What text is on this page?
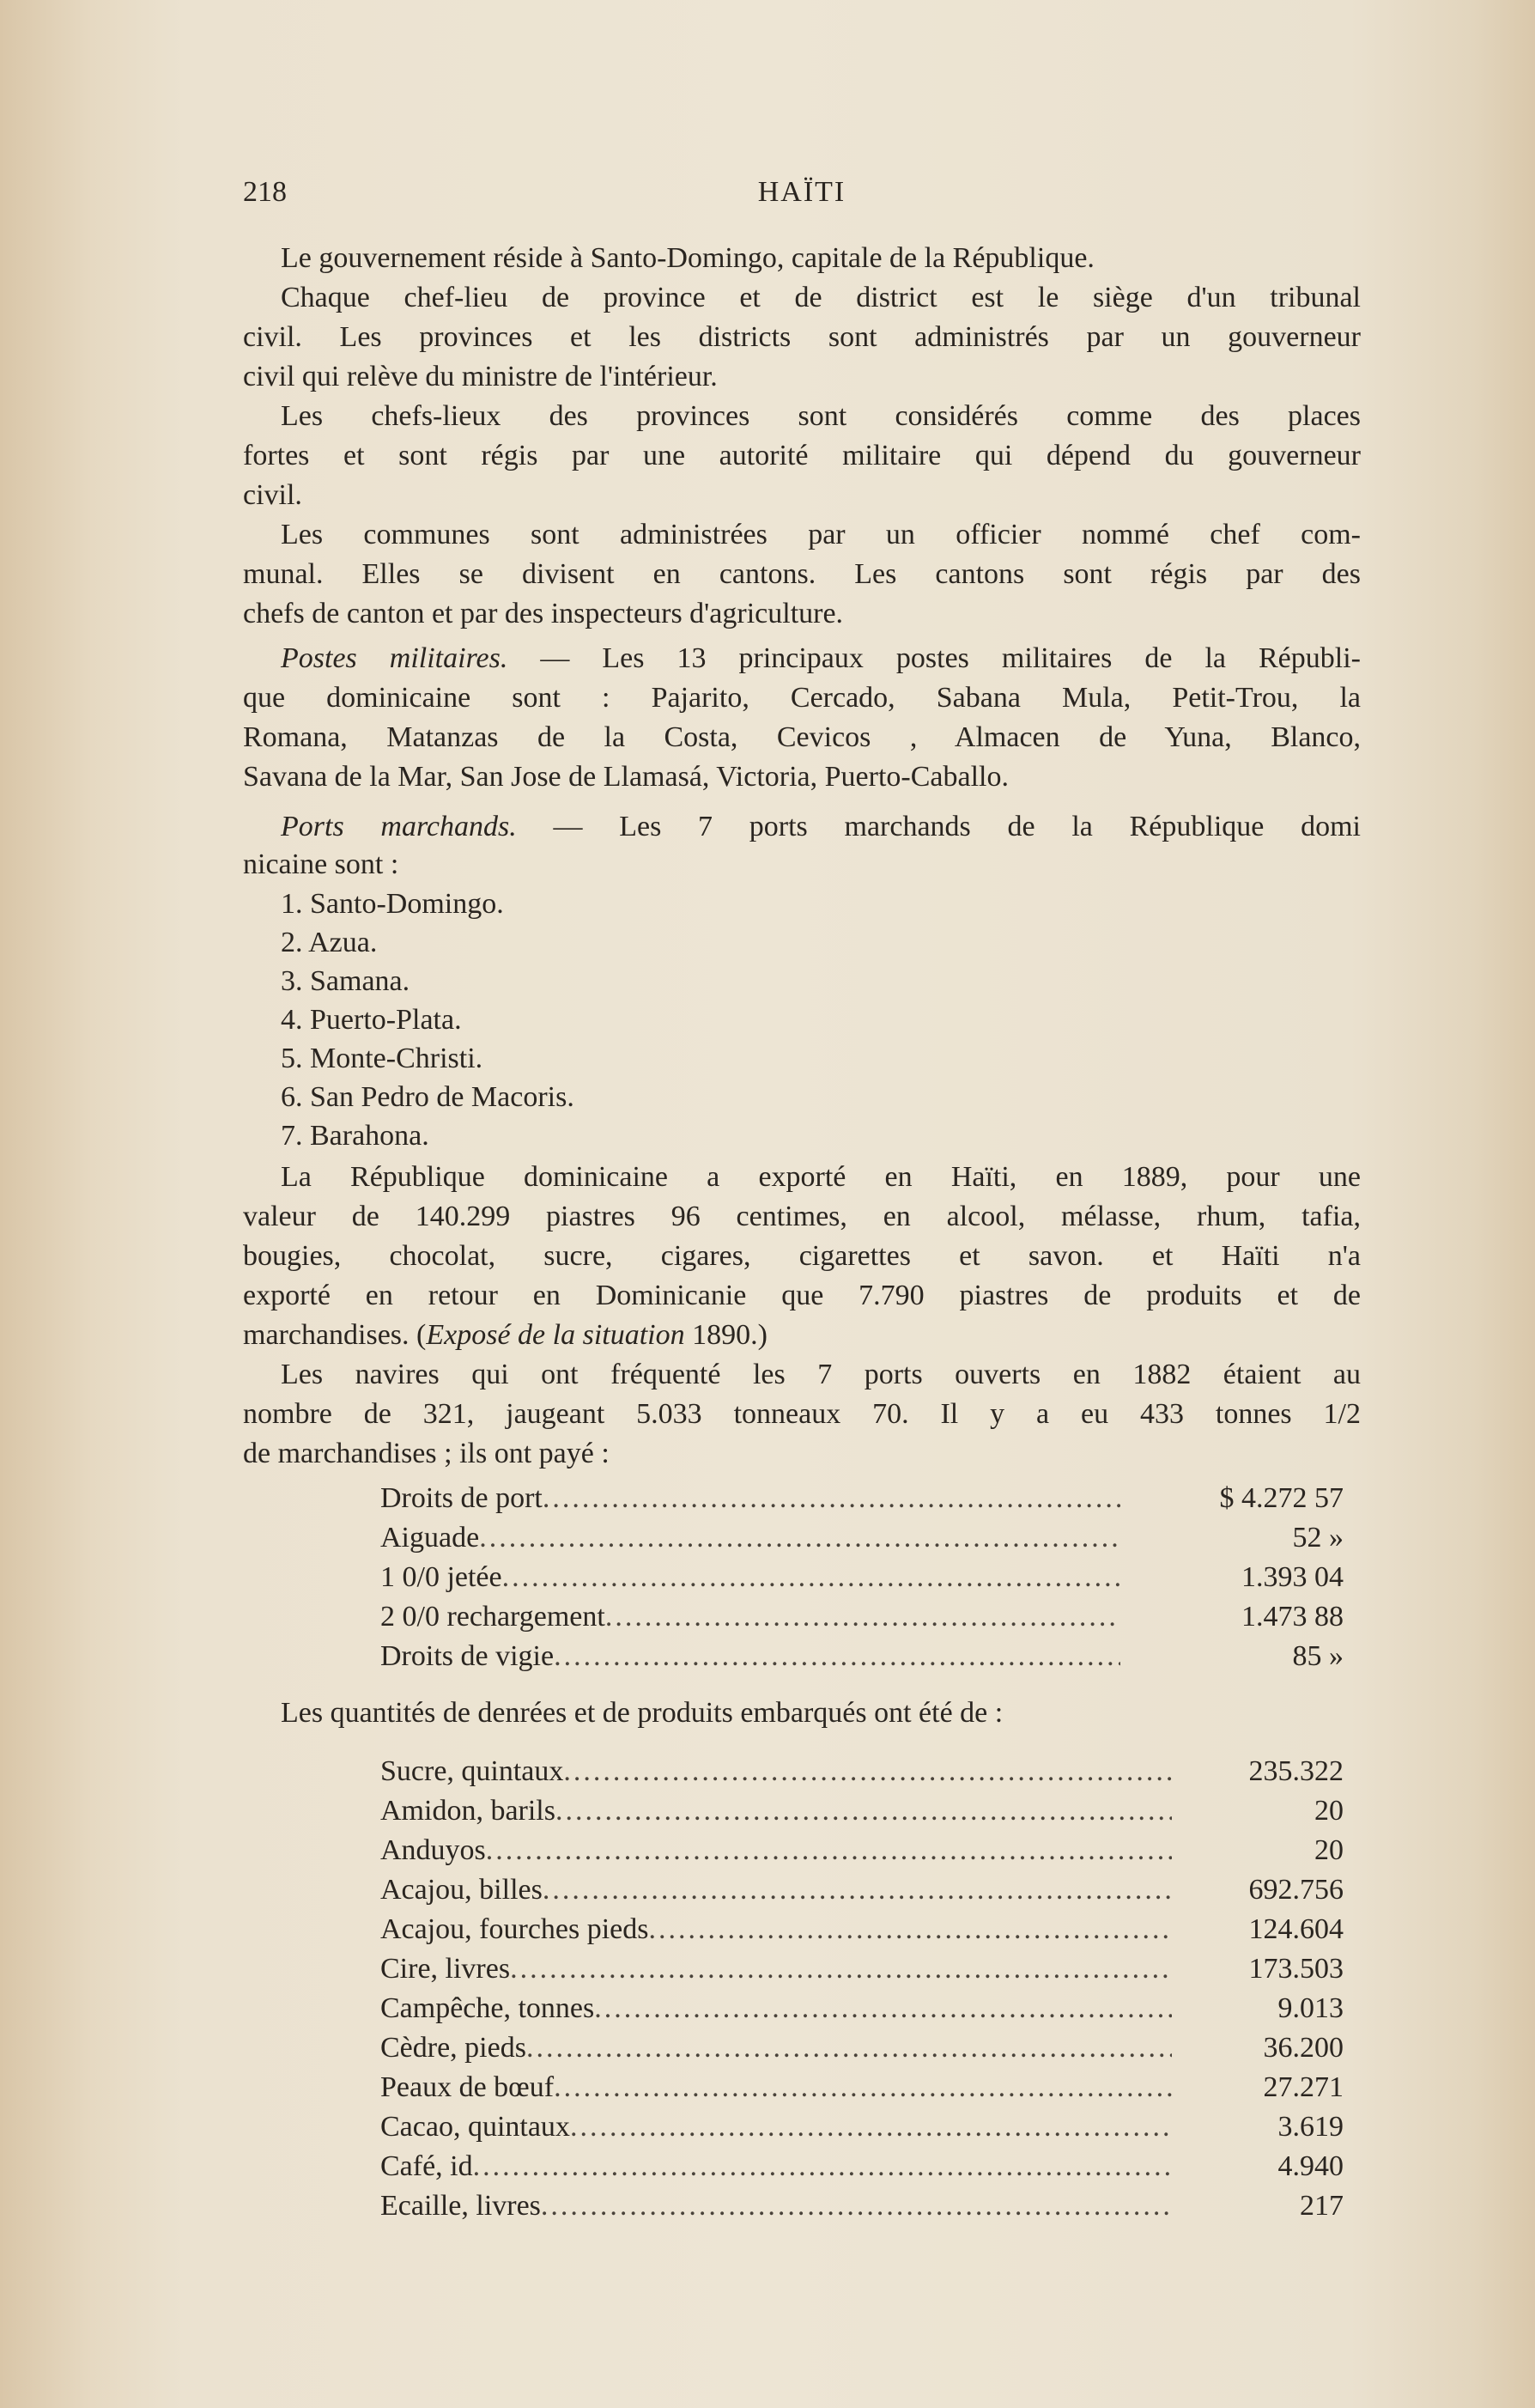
218	HAÏTI
Le gouvernement réside à Santo-Domingo, capitale de la République.
Chaque chef-lieu de province et de district est le siège d'un tribunal
civil. Les provinces et les districts sont administrés par un gouverneur
civil qui relève du ministre de l'intérieur.
Les chefs-lieux des provinces sont considérés comme des places
fortes et sont régis par une autorité militaire qui dépend du gouverneur
civil.
Les communes sont administrées par un officier nommé chef com-
munal. Elles se divisent en cantons. Les cantons sont régis par des
chefs de canton et par des inspecteurs d'agriculture.
Postes militaires. — Les 13 principaux postes militaires de la Républi-
que dominicaine sont : Pajarito, Cercado, Sabana Mula, Petit-Trou, la
Romana, Matanzas de la Costa, Cevicos , Almacen de Yuna, Blanco,
Savana de la Mar, San Jose de Llamasá, Victoria, Puerto-Caballo.
Ports marchands. — Les 7 ports marchands de la République domi
nicaine sont :
1. Santo-Domingo.
2. Azua.
3. Samana.
4. Puerto-Plata.
5. Monte-Christi.
6. San Pedro de Macoris.
7. Barahona.
La République dominicaine a exporté en Haïti, en 1889, pour une
valeur de 140.299 piastres 96 centimes, en alcool, mélasse, rhum, tafia,
bougies, chocolat, sucre, cigares, cigarettes et savon. et Haïti n'a
exporté en retour en Dominicanie que 7.790 piastres de produits et de
marchandises. (Exposé de la situation 1890.)
Les navires qui ont fréquenté les 7 ports ouverts en 1882 étaient au
nombre de 321, jaugeant 5.033 tonneaux 70. Il y a eu 433 tonnes 1/2
de marchandises ; ils ont payé :
Droits de port .....	$ 4.272 57
Aiguade .....	52 »
1 0/0 jetée .....	1.393 04
2 0/0 rechargement .....	1.473 88
Droits de vigie .....	85 »
Les quantités de denrées et de produits embarqués ont été de :
Sucre, quintaux .....	235.322
Amidon, barils .....	20
Anduyos .....	20
Acajou, billes .....	692.756
Acajou, fourches pieds .....	124.604
Cire, livres .....	173.503
Campêche, tonnes .....	9.013
Cèdre, pieds .....	36.200
Peaux de bœuf .....	27.271
Cacao, quintaux .....	3.619
Café, id .....	4.940
Ecaille, livres .....	217
